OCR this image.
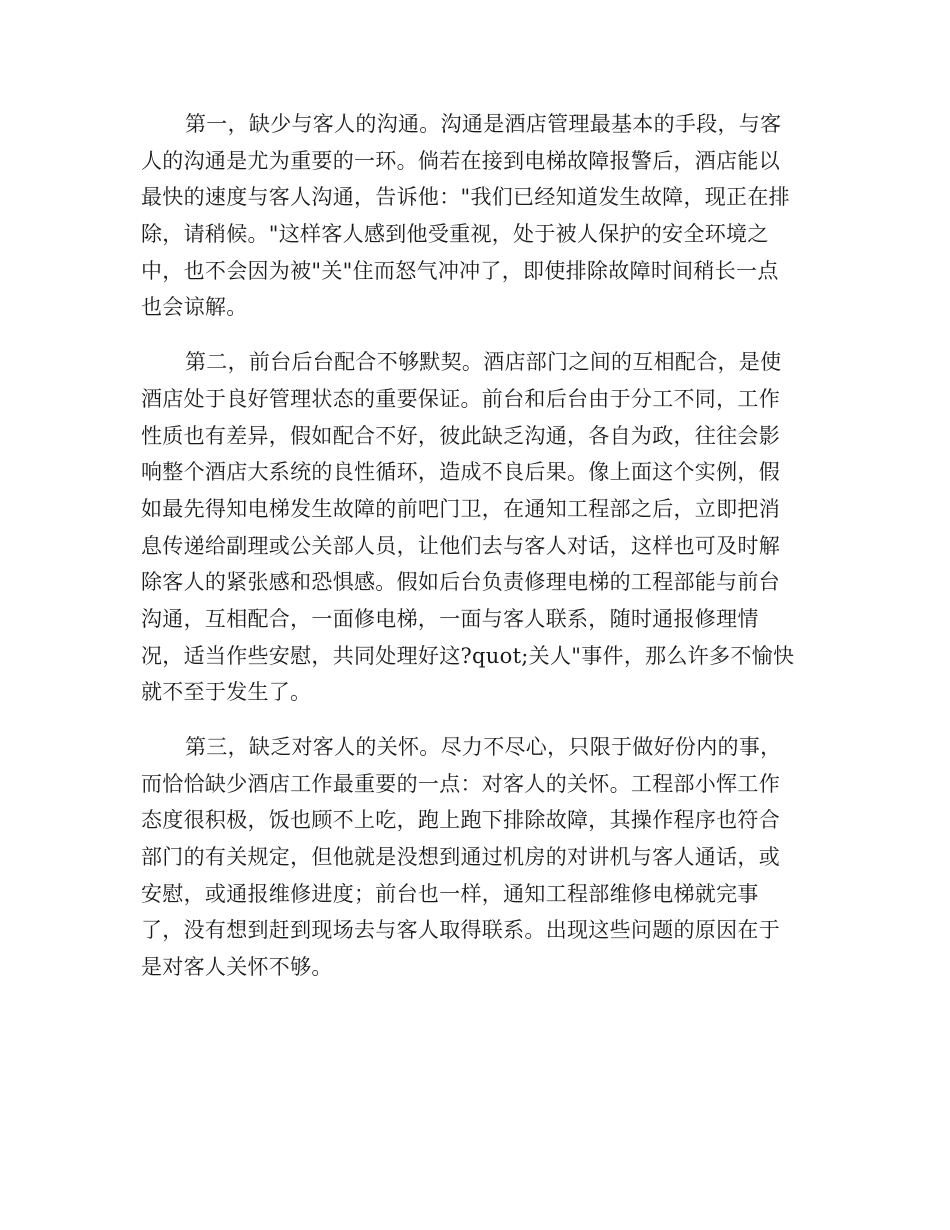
第一，缺少与客人的沟通。沟通是酒店管理最基本的手段，与客
人的沟通是尤为重要的一环。倘若在接到电梯故障报警后，酒店能以
最快的速度与客人沟通，告诉他："我们已经知道发生故障，现正在排
除，请稍候。"这样客人感到他受重视，处于被人保护的安全环境之
中，也不会因为被"关"住而怒气冲冲了，即使排除故障时间稍长一点
也会谅解。
第二，前台后台配合不够默契。酒店部门之间的互相配合，是使
酒店处于良好管理状态的重要保证。前台和后台由于分工不同，工作
性质也有差异，假如配合不好，彼此缺乏沟通，各自为政，往往会影
响整个酒店大系统的良性循环，造成不良后果。像上面这个实例，假
如最先得知电梯发生故障的前吧门卫，在通知工程部之后，立即把消
息传递给副理或公关部人员，让他们去与客人对话，这样也可及时解
除客人的紧张感和恐惧感。假如后台负责修理电梯的工程部能与前台
沟通，互相配合，一面修电梯，一面与客人联系，随时通报修理情
况，适当作些安慰，共同处理好这?quot;关人"事件，那么许多不愉快
就不至于发生了。
第三，缺乏对客人的关怀。尽力不尽心，只限于做好份内的事，
而恰恰缺少酒店工作最重要的一点：对客人的关怀。工程部小恽工作
态度很积极，饭也顾不上吃，跑上跑下排除故障，其操作程序也符合
部门的有关规定，但他就是没想到通过机房的对讲机与客人通话，或
安慰，或通报维修进度；前台也一样，通知工程部维修电梯就完事
了，没有想到赶到现场去与客人取得联系。出现这些问题的原因在于
是对客人关怀不够。
